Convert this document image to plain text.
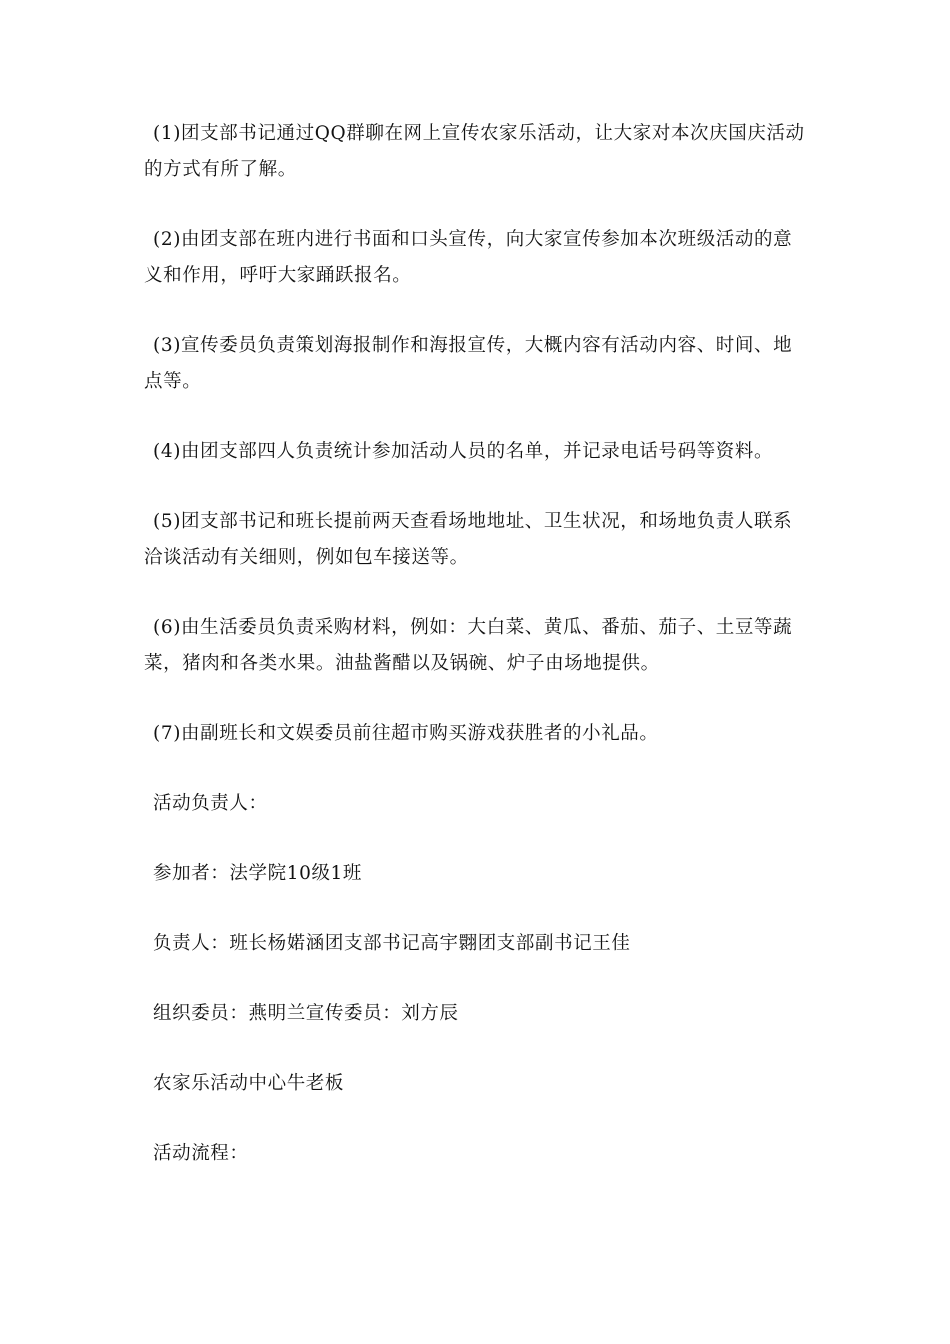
(1)团支部书记通过QQ群聊在网上宣传农家乐活动，让大家对本次庆国庆活动的方式有所了解。

(2)由团支部在班内进行书面和口头宣传，向大家宣传参加本次班级活动的意义和作用，呼吁大家踊跃报名。

(3)宣传委员负责策划海报制作和海报宣传，大概内容有活动内容、时间、地点等。

(4)由团支部四人负责统计参加活动人员的名单，并记录电话号码等资料。

(5)团支部书记和班长提前两天查看场地地址、卫生状况，和场地负责人联系洽谈活动有关细则，例如包车接送等。

(6)由生活委员负责采购材料，例如：大白菜、黄瓜、番茄、茄子、土豆等蔬菜，猪肉和各类水果。油盐酱醋以及锅碗、炉子由场地提供。

(7)由副班长和文娱委员前往超市购买游戏获胜者的小礼品。

活动负责人：
参加者：法学院10级1班
负责人：班长杨婼涵团支部书记高宇翾团支部副书记王佳
组织委员：燕明兰宣传委员：刘方辰
农家乐活动中心牛老板
活动流程：
